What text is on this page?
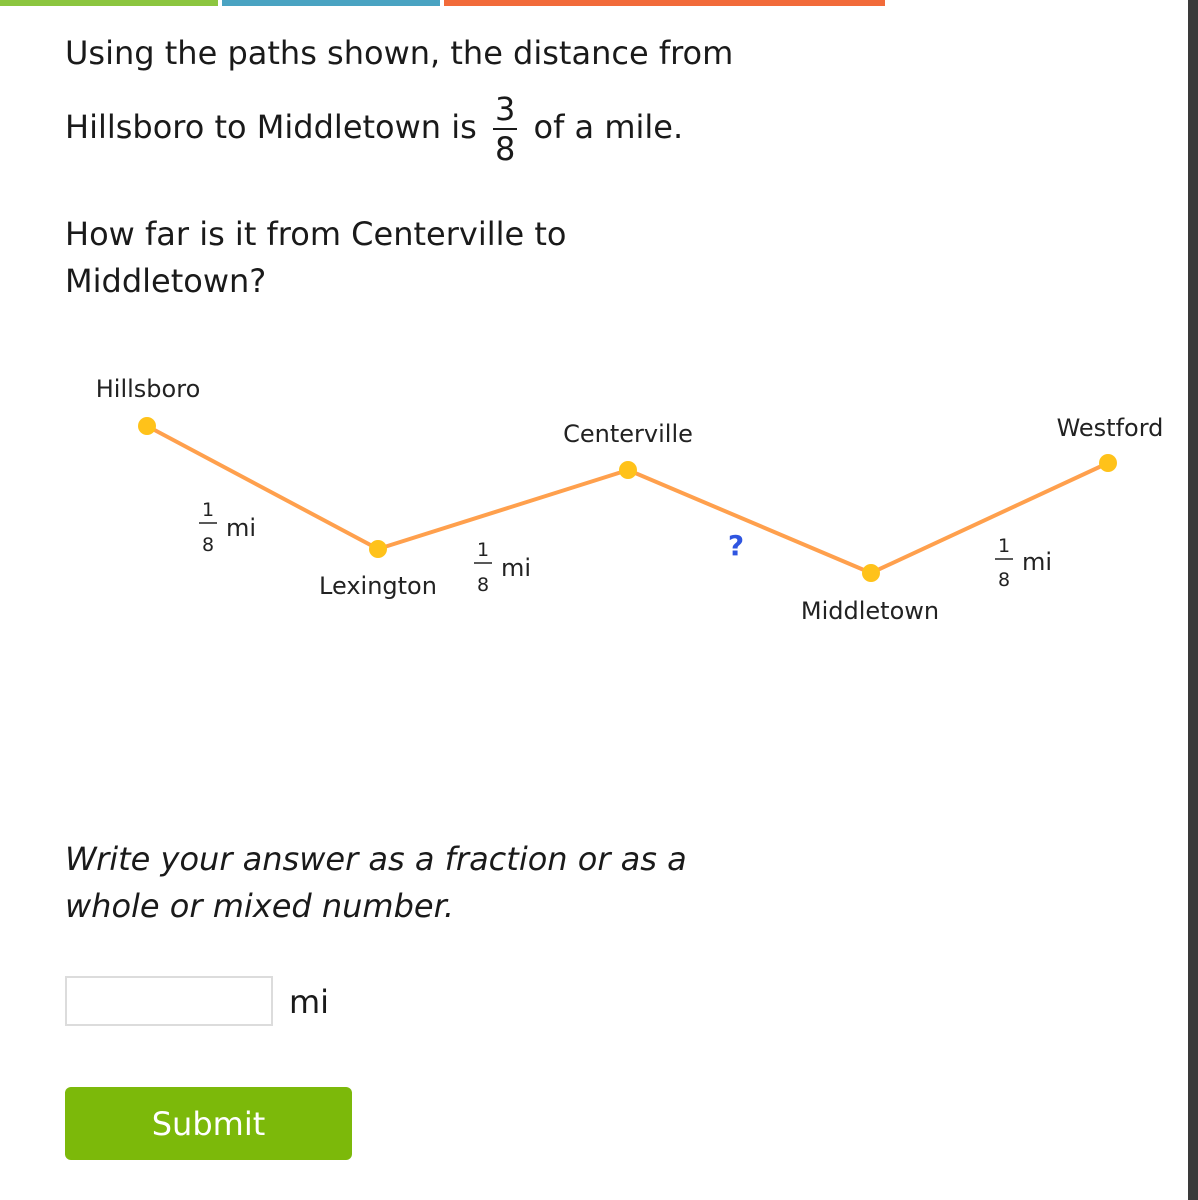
Using the paths shown, the distance from
Hillsboro to Middletown is $\frac{3}{8}$ of a mile.
How far is it from Centerville to
Middletown?
Hillsboro
Lexington
Centerville
Middletown
Westford
1
8
mi
1
8
mi
?	1
8
mi
Write your answer as a fraction or as a
whole or mixed number.
mi
Submit
